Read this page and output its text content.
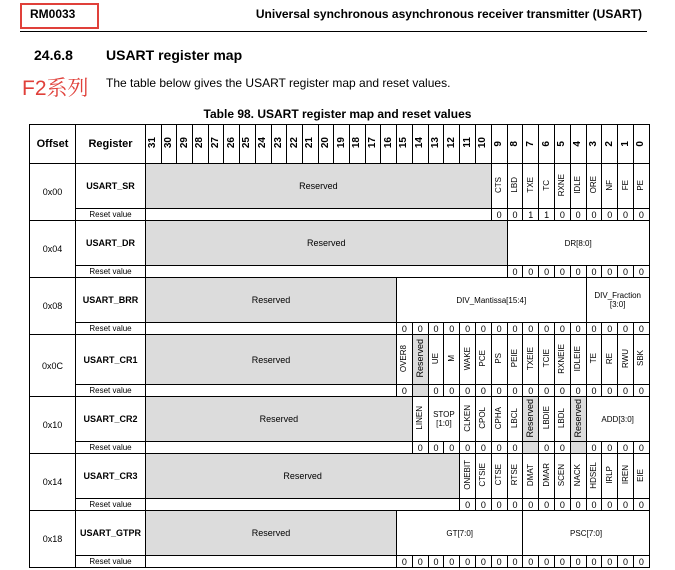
RM0033	Universal synchronous asynchronous receiver transmitter (USART)
24.6.8 USART register map
F2系列 The table below gives the USART register map and reset values.
Table 98. USART register map and reset values
Offset	Register	31	30	29	28	27	26	25	24	23	22	21	20	19	18	17	16	15	14	13	12	11	10	9	8	7	6	5	4	3	2	1	0
0x00	USART_SR	Reserved																						CTS	LBD	TXE	TC	RXNE	IDLE	ORE	NF	FE	PE
	Reset value																							0	0	1	1	0	0	0	0	0	0
0x04	USART_DR	Reserved																							DR[8:0]								
	Reset value																								0	0	0	0	0	0	0	0	0
0x08	USART_BRR	Reserved																DIV_Mantissa[15:4]												DIV_Fraction [3:0]			
	Reset value																	0	0	0	0	0	0	0	0	0	0	0	0	0	0	0	0
0x0C	USART_CR1	Reserved																OVER8	Reserved	UE	M	WAKE	PCE	PS	PEIE	TXEIE	TCIE	RXNEIE	IDLEIE	TE	RE	RWU	SBK
	Reset value																	0		0	0	0	0	0	0	0	0	0	0	0	0	0	0
0x10	USART_CR2	Reserved																	LINEN	STOP [1:0]		CLKEN	CPOL	CPHA	LBCL	Reserved	LBDIE	LBDL	Reserved	ADD[3:0]			
	Reset value																		0	0	0	0	0	0	0		0	0		0	0	0	0
0x14	USART_CR3	Reserved																				ONEBIT	CTSIE	CTSE	RTSE	DMAT	DMAR	SCEN	NACK	HDSEL	IRLP	IREN	EIE
	Reset value																					0	0	0	0	0	0	0	0	0	0	0	0
0x18	USART_GTPR	Reserved																GT[7:0]								PSC[7:0]							
	Reset value																	0	0	0	0	0	0	0	0	0	0	0	0	0	0	0	0
